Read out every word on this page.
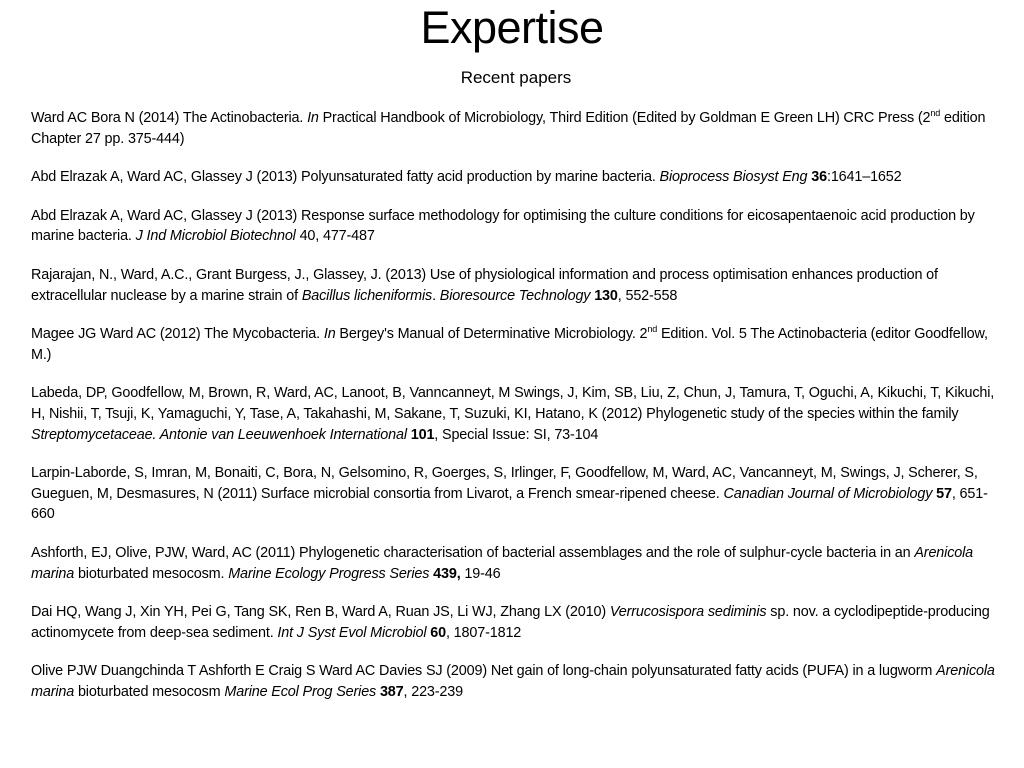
Expertise
Recent papers
Ward AC Bora N (2014) The Actinobacteria. In Practical Handbook of Microbiology, Third Edition (Edited by Goldman E Green LH) CRC Press (2nd edition Chapter 27 pp. 375-444)
Abd Elrazak A, Ward AC, Glassey J (2013) Polyunsaturated fatty acid production by marine bacteria. Bioprocess Biosyst Eng 36:1641–1652
Abd Elrazak A, Ward AC, Glassey J (2013) Response surface methodology for optimising the culture conditions for eicosapentaenoic acid production by marine bacteria. J Ind Microbiol Biotechnol 40, 477-487
Rajarajan, N., Ward, A.C., Grant Burgess, J., Glassey, J. (2013) Use of physiological information and process optimisation enhances production of extracellular nuclease by a marine strain of Bacillus licheniformis. Bioresource Technology 130, 552-558
Magee JG Ward AC (2012) The Mycobacteria. In Bergey's Manual of Determinative Microbiology. 2nd Edition. Vol. 5 The Actinobacteria (editor Goodfellow, M.)
Labeda, DP, Goodfellow, M, Brown, R, Ward, AC, Lanoot, B, Vanncanneyt, M Swings, J, Kim, SB, Liu, Z, Chun, J, Tamura, T, Oguchi, A, Kikuchi, T, Kikuchi, H, Nishii, T, Tsuji, K, Yamaguchi, Y, Tase, A, Takahashi, M, Sakane, T, Suzuki, KI, Hatano, K (2012) Phylogenetic study of the species within the family Streptomycetaceae. Antonie van Leeuwenhoek International 101, Special Issue: SI, 73-104
Larpin-Laborde, S, Imran, M, Bonaiti, C, Bora, N, Gelsomino, R, Goerges, S, Irlinger, F, Goodfellow, M, Ward, AC, Vancanneyt, M, Swings, J, Scherer, S, Gueguen, M, Desmasures, N (2011) Surface microbial consortia from Livarot, a French smear-ripened cheese. Canadian Journal of Microbiology 57, 651-660
Ashforth, EJ, Olive, PJW, Ward, AC (2011) Phylogenetic characterisation of bacterial assemblages and the role of sulphur-cycle bacteria in an Arenicola marina bioturbated mesocosm. Marine Ecology Progress Series 439, 19-46
Dai HQ, Wang J, Xin YH, Pei G, Tang SK, Ren B, Ward A, Ruan JS, Li WJ, Zhang LX (2010) Verrucosispora sediminis sp. nov. a cyclodipeptide-producing actinomycete from deep-sea sediment. Int J Syst Evol Microbiol 60, 1807-1812
Olive PJW Duangchinda T Ashforth E Craig S Ward AC Davies SJ (2009) Net gain of long-chain polyunsaturated fatty acids (PUFA) in a lugworm Arenicola marina bioturbated mesocosm Marine Ecol Prog Series 387, 223-239
